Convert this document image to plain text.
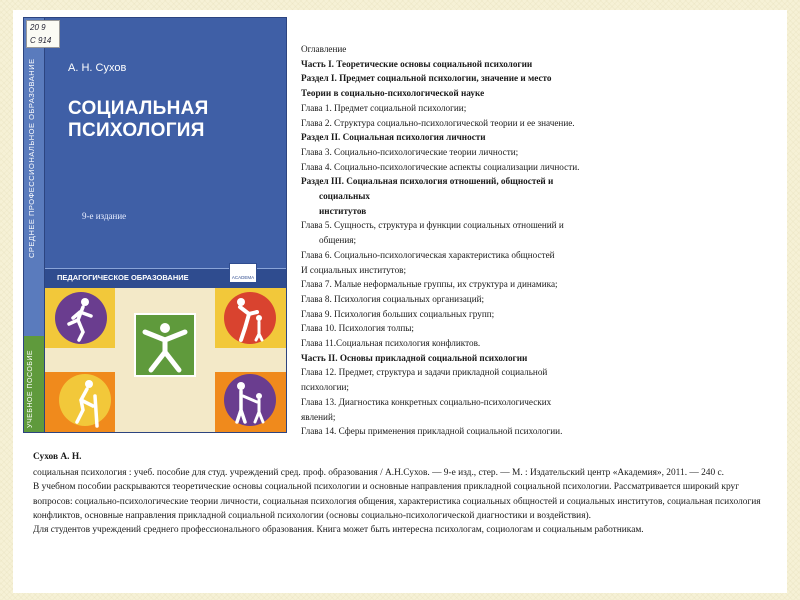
СРЕДНЕЕ ПРОФЕССИОНАЛЬНОЕ ОБРАЗОВАНИЕ
УЧЕБНОЕ ПОСОБИЕ
20 9
С 914
А. Н. Сухов
СОЦИАЛЬНАЯ
ПСИХОЛОГИЯ
9-е издание
ПЕДАГОГИЧЕСКОЕ ОБРАЗОВАНИЕ	ACADEMA
Оглавление
Часть I. Теоретические основы социальной психологии
Раздел I. Предмет социальной психологии, значение и место
Теории в социально-психологической науке
Глава 1. Предмет социальной психологии;
Глава 2. Структура социально-психологической теории и ее значение.
Раздел II. Социальная психология личности
Глава 3. Социально-психологические теории личности;
Глава 4. Социально-психологические аспекты социализации личности.
Раздел III. Социальная психология отношений, общностей и
социальных
институтов
Глава 5. Сущность, структура и функции социальных отношений и
общения;
Глава 6. Социально-психологическая характеристика общностей
И социальных институтов;
Глава 7. Малые неформальные группы, их структура и динамика;
Глава 8. Психология социальных организаций;
Глава 9. Психология больших социальных групп;
Глава 10. Психология толпы;
Глава 11.Социальная психология конфликтов.
Часть II. Основы прикладной социальной психологии
Глава 12. Предмет, структура и задачи прикладной социальной
психологии;
Глава 13. Диагностика конкретных социально-психологических
явлений;
Глава 14. Сферы применения прикладной социальной психологии.
Сухов А. Н.
социальная психология : учеб. пособие для студ. учреждений сред. проф. образования / А.Н.Сухов. — 9-е изд., стер. — М. : Издательский центр «Академия», 2011. — 240 с.
В учебном пособии раскрываются теоретические основы социальной психологии и основные направления прикладной социальной психологии. Рассматривается широкий круг вопросов: социально-психологические теории личности, социальная психология общения, характеристика социальных общностей и социальных институтов, социальная психология конфликтов, основные направления прикладной социальной психологии (основы социально-психологической диагностики и воздействия).
Для студентов учреждений среднего профессионального образования. Книга может быть интересна психологам, социологам и социальным работникам.
